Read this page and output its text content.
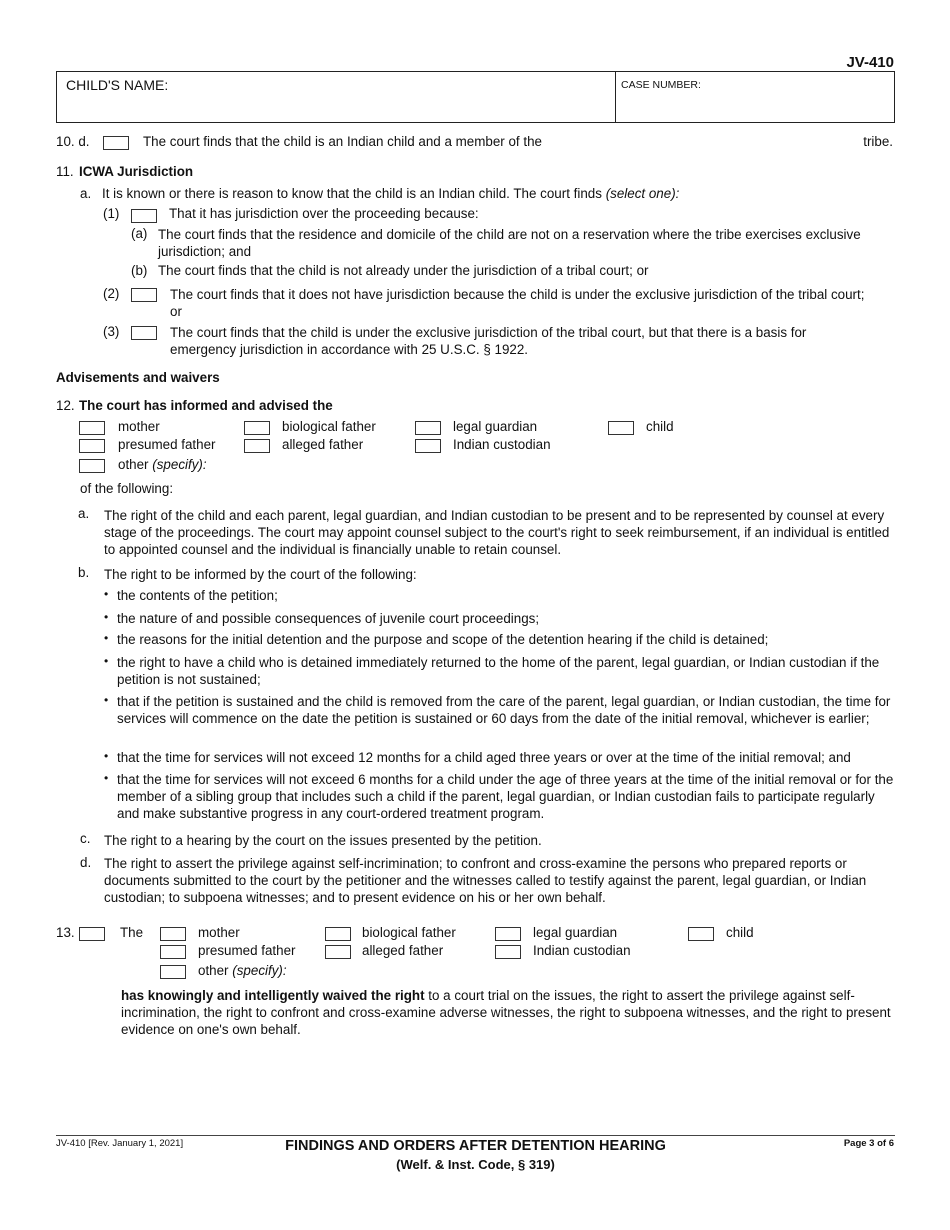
JV-410
CHILD'S NAME:	CASE NUMBER:
10. d.	The court finds that the child is an Indian child and a member of the	tribe.
11. ICWA Jurisdiction
a. It is known or there is reason to know that the child is an Indian child. The court finds (select one):
(1)	That it has jurisdiction over the proceeding because:
(a) The court finds that the residence and domicile of the child are not on a reservation where the tribe exercises exclusive jurisdiction; and
(b) The court finds that the child is not already under the jurisdiction of a tribal court; or
(2)	The court finds that it does not have jurisdiction because the child is under the exclusive jurisdiction of the tribal court; or
(3)	The court finds that the child is under the exclusive jurisdiction of the tribal court, but that there is a basis for emergency jurisdiction in accordance with 25 U.S.C. § 1922.
Advisements and waivers
12. The court has informed and advised the
mother	biological father	legal guardian	child
presumed father	alleged father	Indian custodian
other (specify):
of the following:
a. The right of the child and each parent, legal guardian, and Indian custodian to be present and to be represented by counsel at every stage of the proceedings. The court may appoint counsel subject to the court's right to seek reimbursement, if an individual is entitled to appointed counsel and the individual is financially unable to retain counsel.
b. The right to be informed by the court of the following:
• the contents of the petition;
• the nature of and possible consequences of juvenile court proceedings;
• the reasons for the initial detention and the purpose and scope of the detention hearing if the child is detained;
• the right to have a child who is detained immediately returned to the home of the parent, legal guardian, or Indian custodian if the petition is not sustained;
• that if the petition is sustained and the child is removed from the care of the parent, legal guardian, or Indian custodian, the time for services will commence on the date the petition is sustained or 60 days from the date of the initial removal, whichever is earlier;
• that the time for services will not exceed 12 months for a child aged three years or over at the time of the initial removal; and
• that the time for services will not exceed 6 months for a child under the age of three years at the time of the initial removal or for the member of a sibling group that includes such a child if the parent, legal guardian, or Indian custodian fails to participate regularly and make substantive progress in any court-ordered treatment program.
c. The right to a hearing by the court on the issues presented by the petition.
d. The right to assert the privilege against self-incrimination; to confront and cross-examine the persons who prepared reports or documents submitted to the court by the petitioner and the witnesses called to testify against the parent, legal guardian, or Indian custodian; to subpoena witnesses; and to present evidence on his or her own behalf.
13.	The	mother	biological father	legal guardian	child
presumed father	alleged father	Indian custodian
other (specify):
has knowingly and intelligently waived the right to a court trial on the issues, the right to assert the privilege against self-incrimination, the right to confront and cross-examine adverse witnesses, the right to subpoena witnesses, and the right to present evidence on one's own behalf.
JV-410 [Rev. January 1, 2021]	FINDINGS AND ORDERS AFTER DETENTION HEARING
(Welf. & Inst. Code, § 319)
Page 3 of 6
